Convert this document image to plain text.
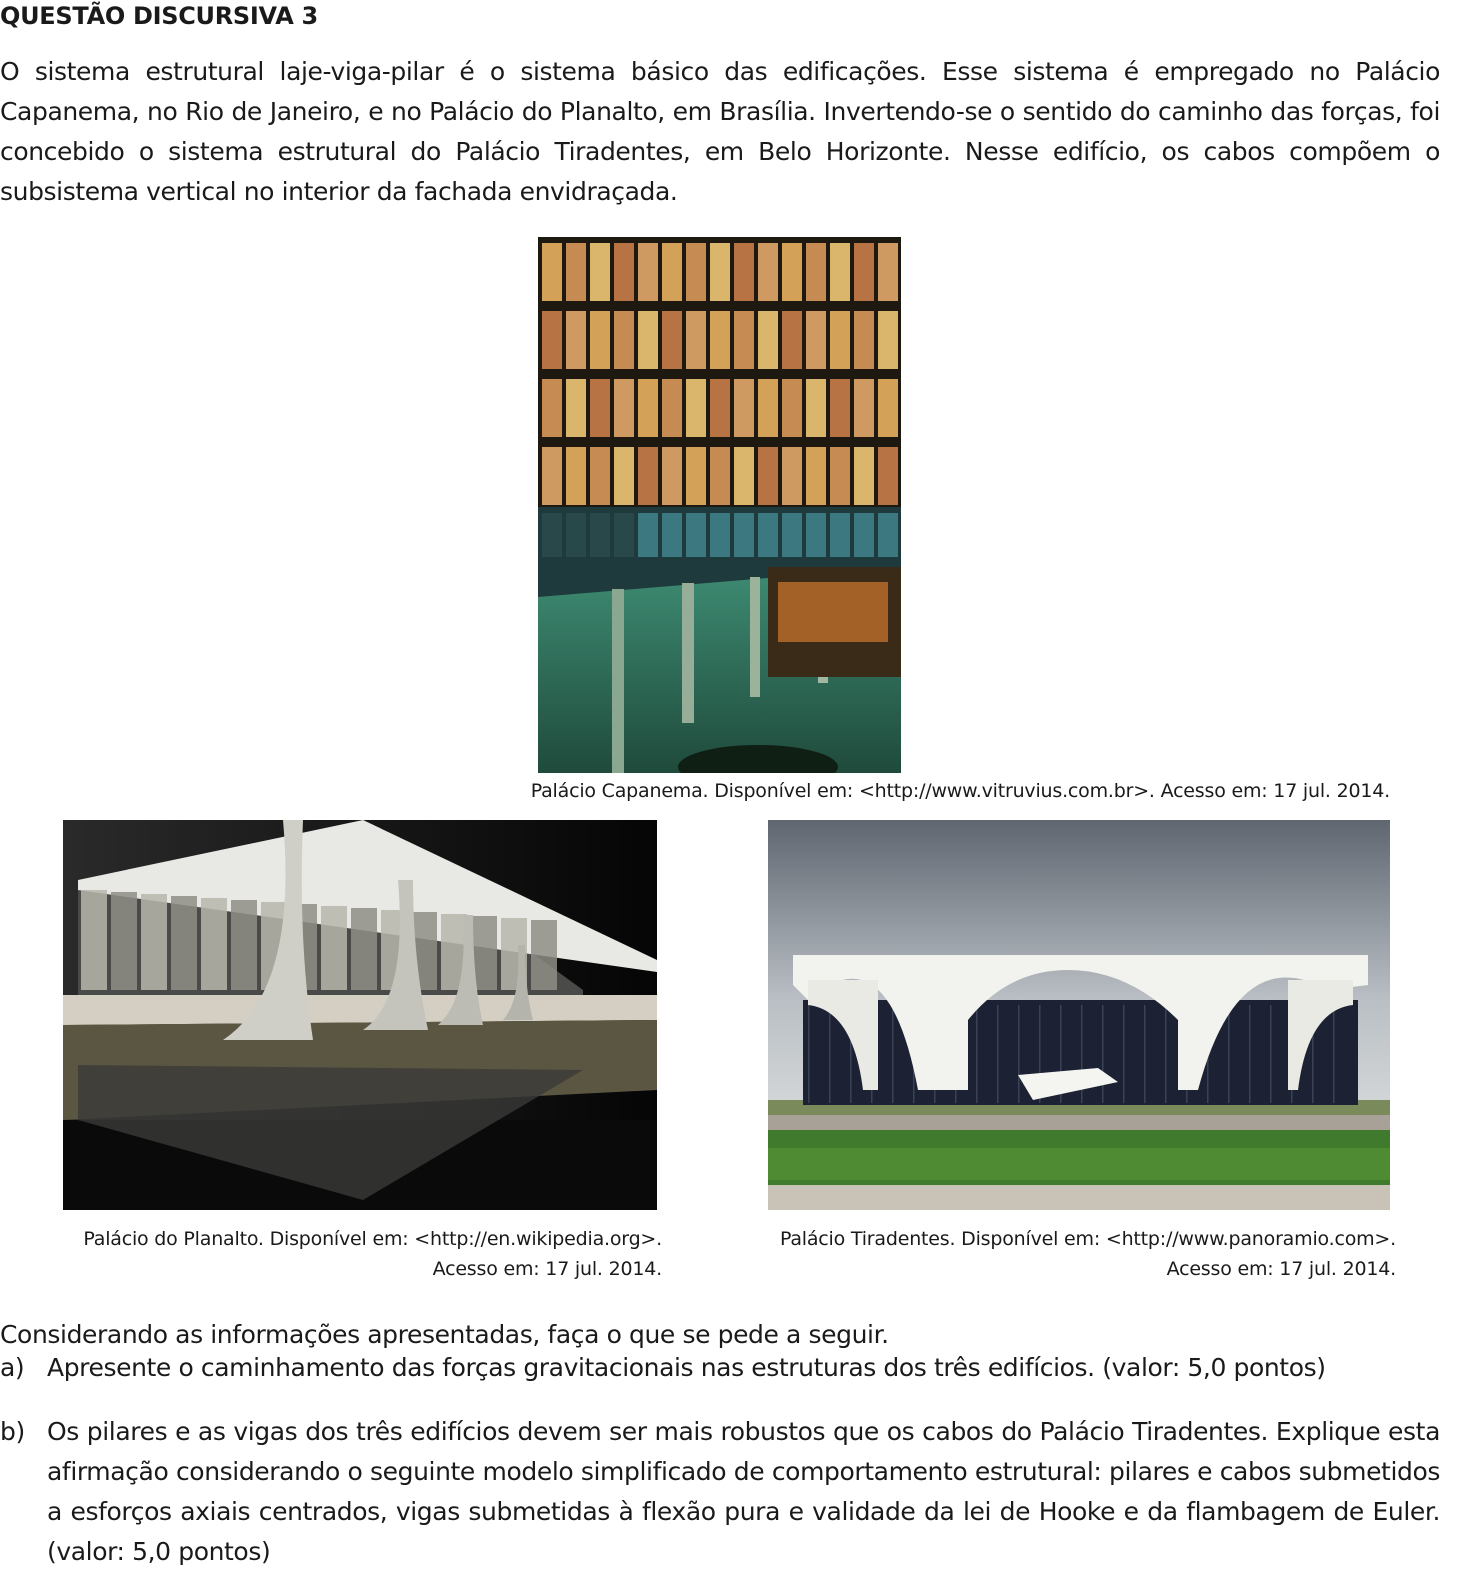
QUESTÃO DISCURSIVA 3
O sistema estrutural laje-viga-pilar é o sistema básico das edificações. Esse sistema é empregado no Palácio Capanema, no Rio de Janeiro, e no Palácio do Planalto, em Brasília. Invertendo-se o sentido do caminho das forças, foi concebido o sistema estrutural do Palácio Tiradentes, em Belo Horizonte. Nesse edifício, os cabos compõem o subsistema vertical no interior da fachada envidraçada.
Palácio Capanema. Disponível em: <http://www.vitruvius.com.br>. Acesso em: 17 jul. 2014.
Palácio do Planalto. Disponível em: <http://en.wikipedia.org>.
Acesso em: 17 jul. 2014.
Palácio Tiradentes. Disponível em: <http://www.panoramio.com>.
Acesso em: 17 jul. 2014.
Considerando as informações apresentadas, faça o que se pede a seguir.
a) Apresente o caminhamento das forças gravitacionais nas estruturas dos três edifícios. (valor: 5,0 pontos)
b) Os pilares e as vigas dos três edifícios devem ser mais robustos que os cabos do Palácio Tiradentes. Explique esta afirmação considerando o seguinte modelo simplificado de comportamento estrutural: pilares e cabos submetidos a esforços axiais centrados, vigas submetidas à flexão pura e validade da lei de Hooke e da flambagem de Euler. (valor: 5,0 pontos)
